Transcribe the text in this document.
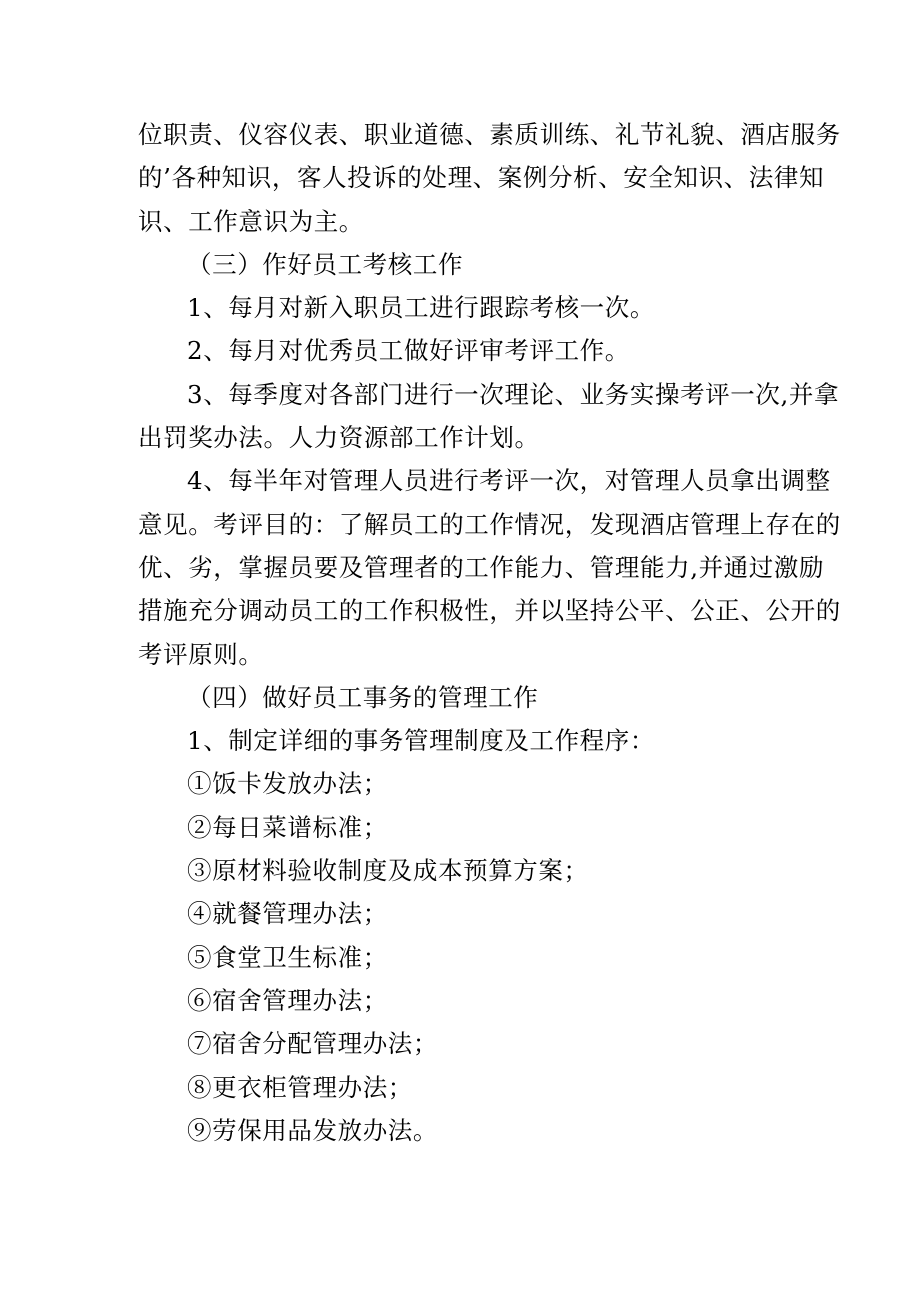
位职责、仪容仪表、职业道德、素质训练、礼节礼貌、酒店服务
的’各种知识，客人投诉的处理、案例分析、安全知识、法律知
识、工作意识为主。
（三）作好员工考核工作
1、每月对新入职员工进行跟踪考核一次。
2、每月对优秀员工做好评审考评工作。
3、每季度对各部门进行一次理论、业务实操考评一次,并拿
出罚奖办法。人力资源部工作计划。
4、每半年对管理人员进行考评一次，对管理人员拿出调整
意见。考评目的：了解员工的工作情况，发现酒店管理上存在的
优、劣，掌握员要及管理者的工作能力、管理能力,并通过激励
措施充分调动员工的工作积极性，并以坚持公平、公正、公开的
考评原则。
（四）做好员工事务的管理工作
1、制定详细的事务管理制度及工作程序：
①饭卡发放办法；
②每日菜谱标准；
③原材料验收制度及成本预算方案；
④就餐管理办法；
⑤食堂卫生标准；
⑥宿舍管理办法；
⑦宿舍分配管理办法；
⑧更衣柜管理办法；
⑨劳保用品发放办法。
